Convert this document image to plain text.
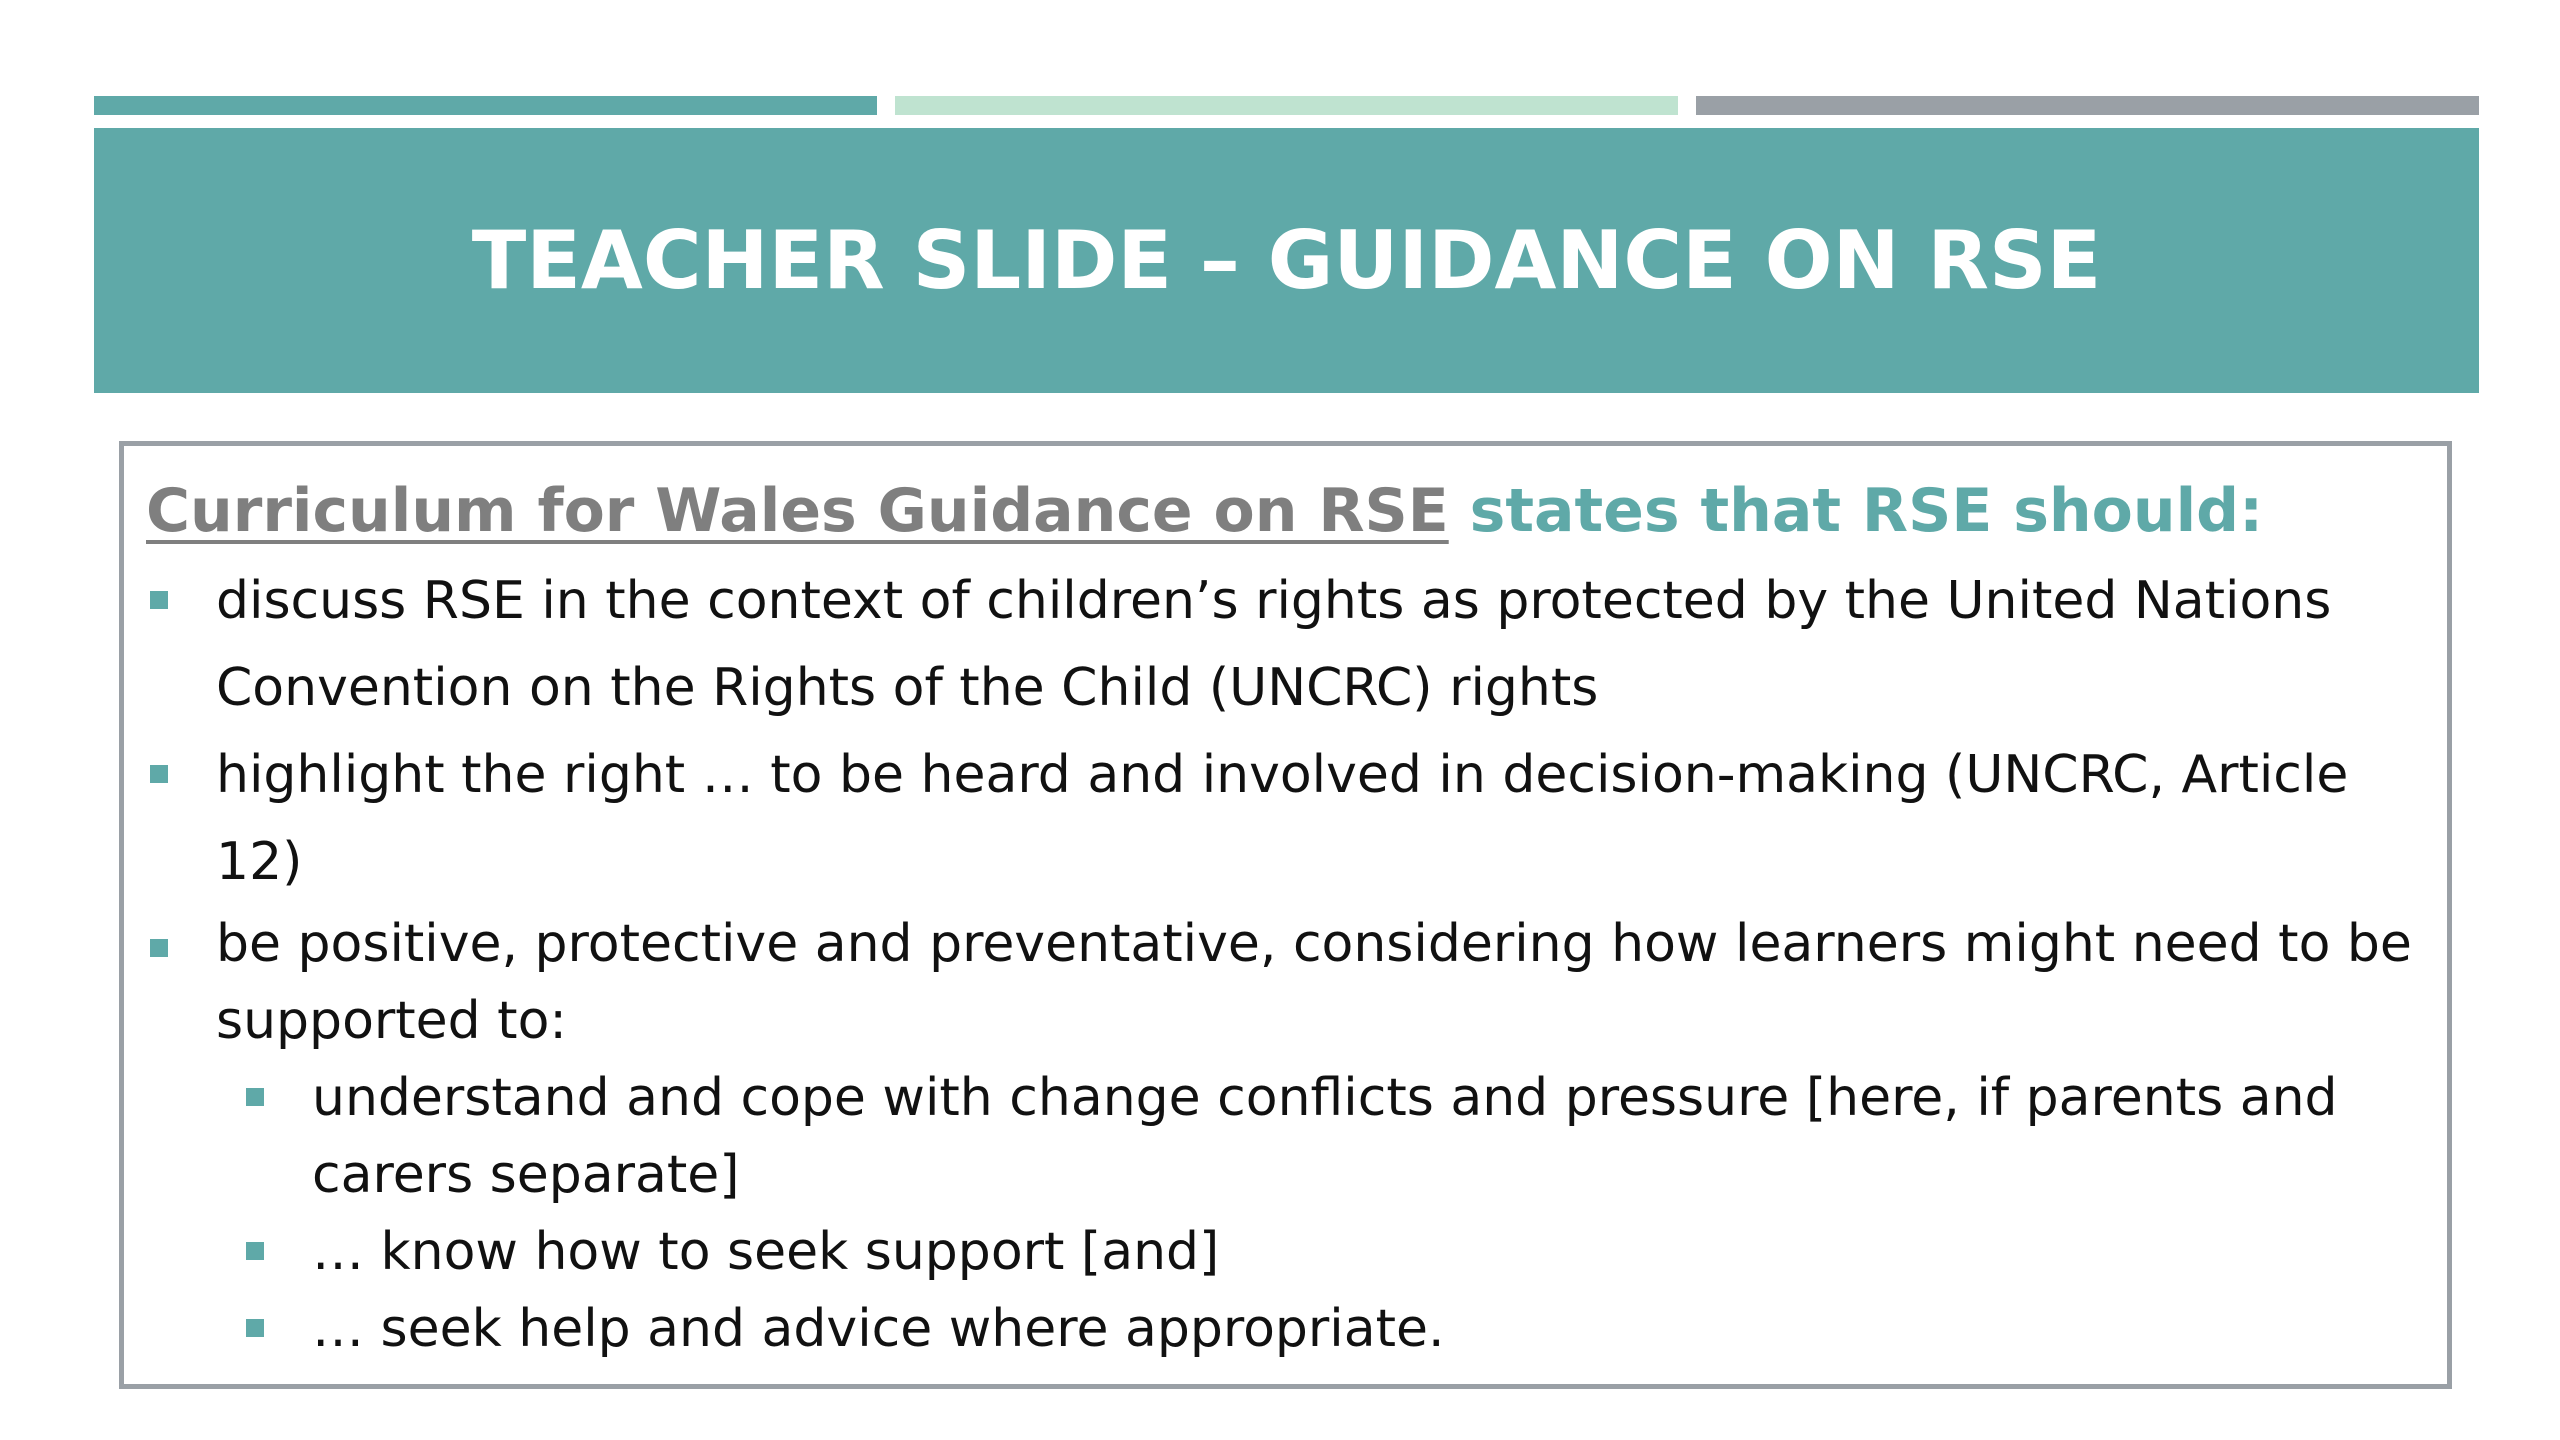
TEACHER SLIDE – GUIDANCE ON RSE
Curriculum for Wales Guidance on RSE states that RSE should:
discuss RSE in the context of children’s rights as protected by the United Nations Convention on the Rights of the Child (UNCRC) rights
highlight the right … to be heard and involved in decision-making (UNCRC, Article 12)
be positive, protective and preventative, considering how learners might need to be supported to:
understand and cope with change conflicts and pressure [here, if parents and carers separate]
… know how to seek support [and]
… seek help and advice where appropriate.
